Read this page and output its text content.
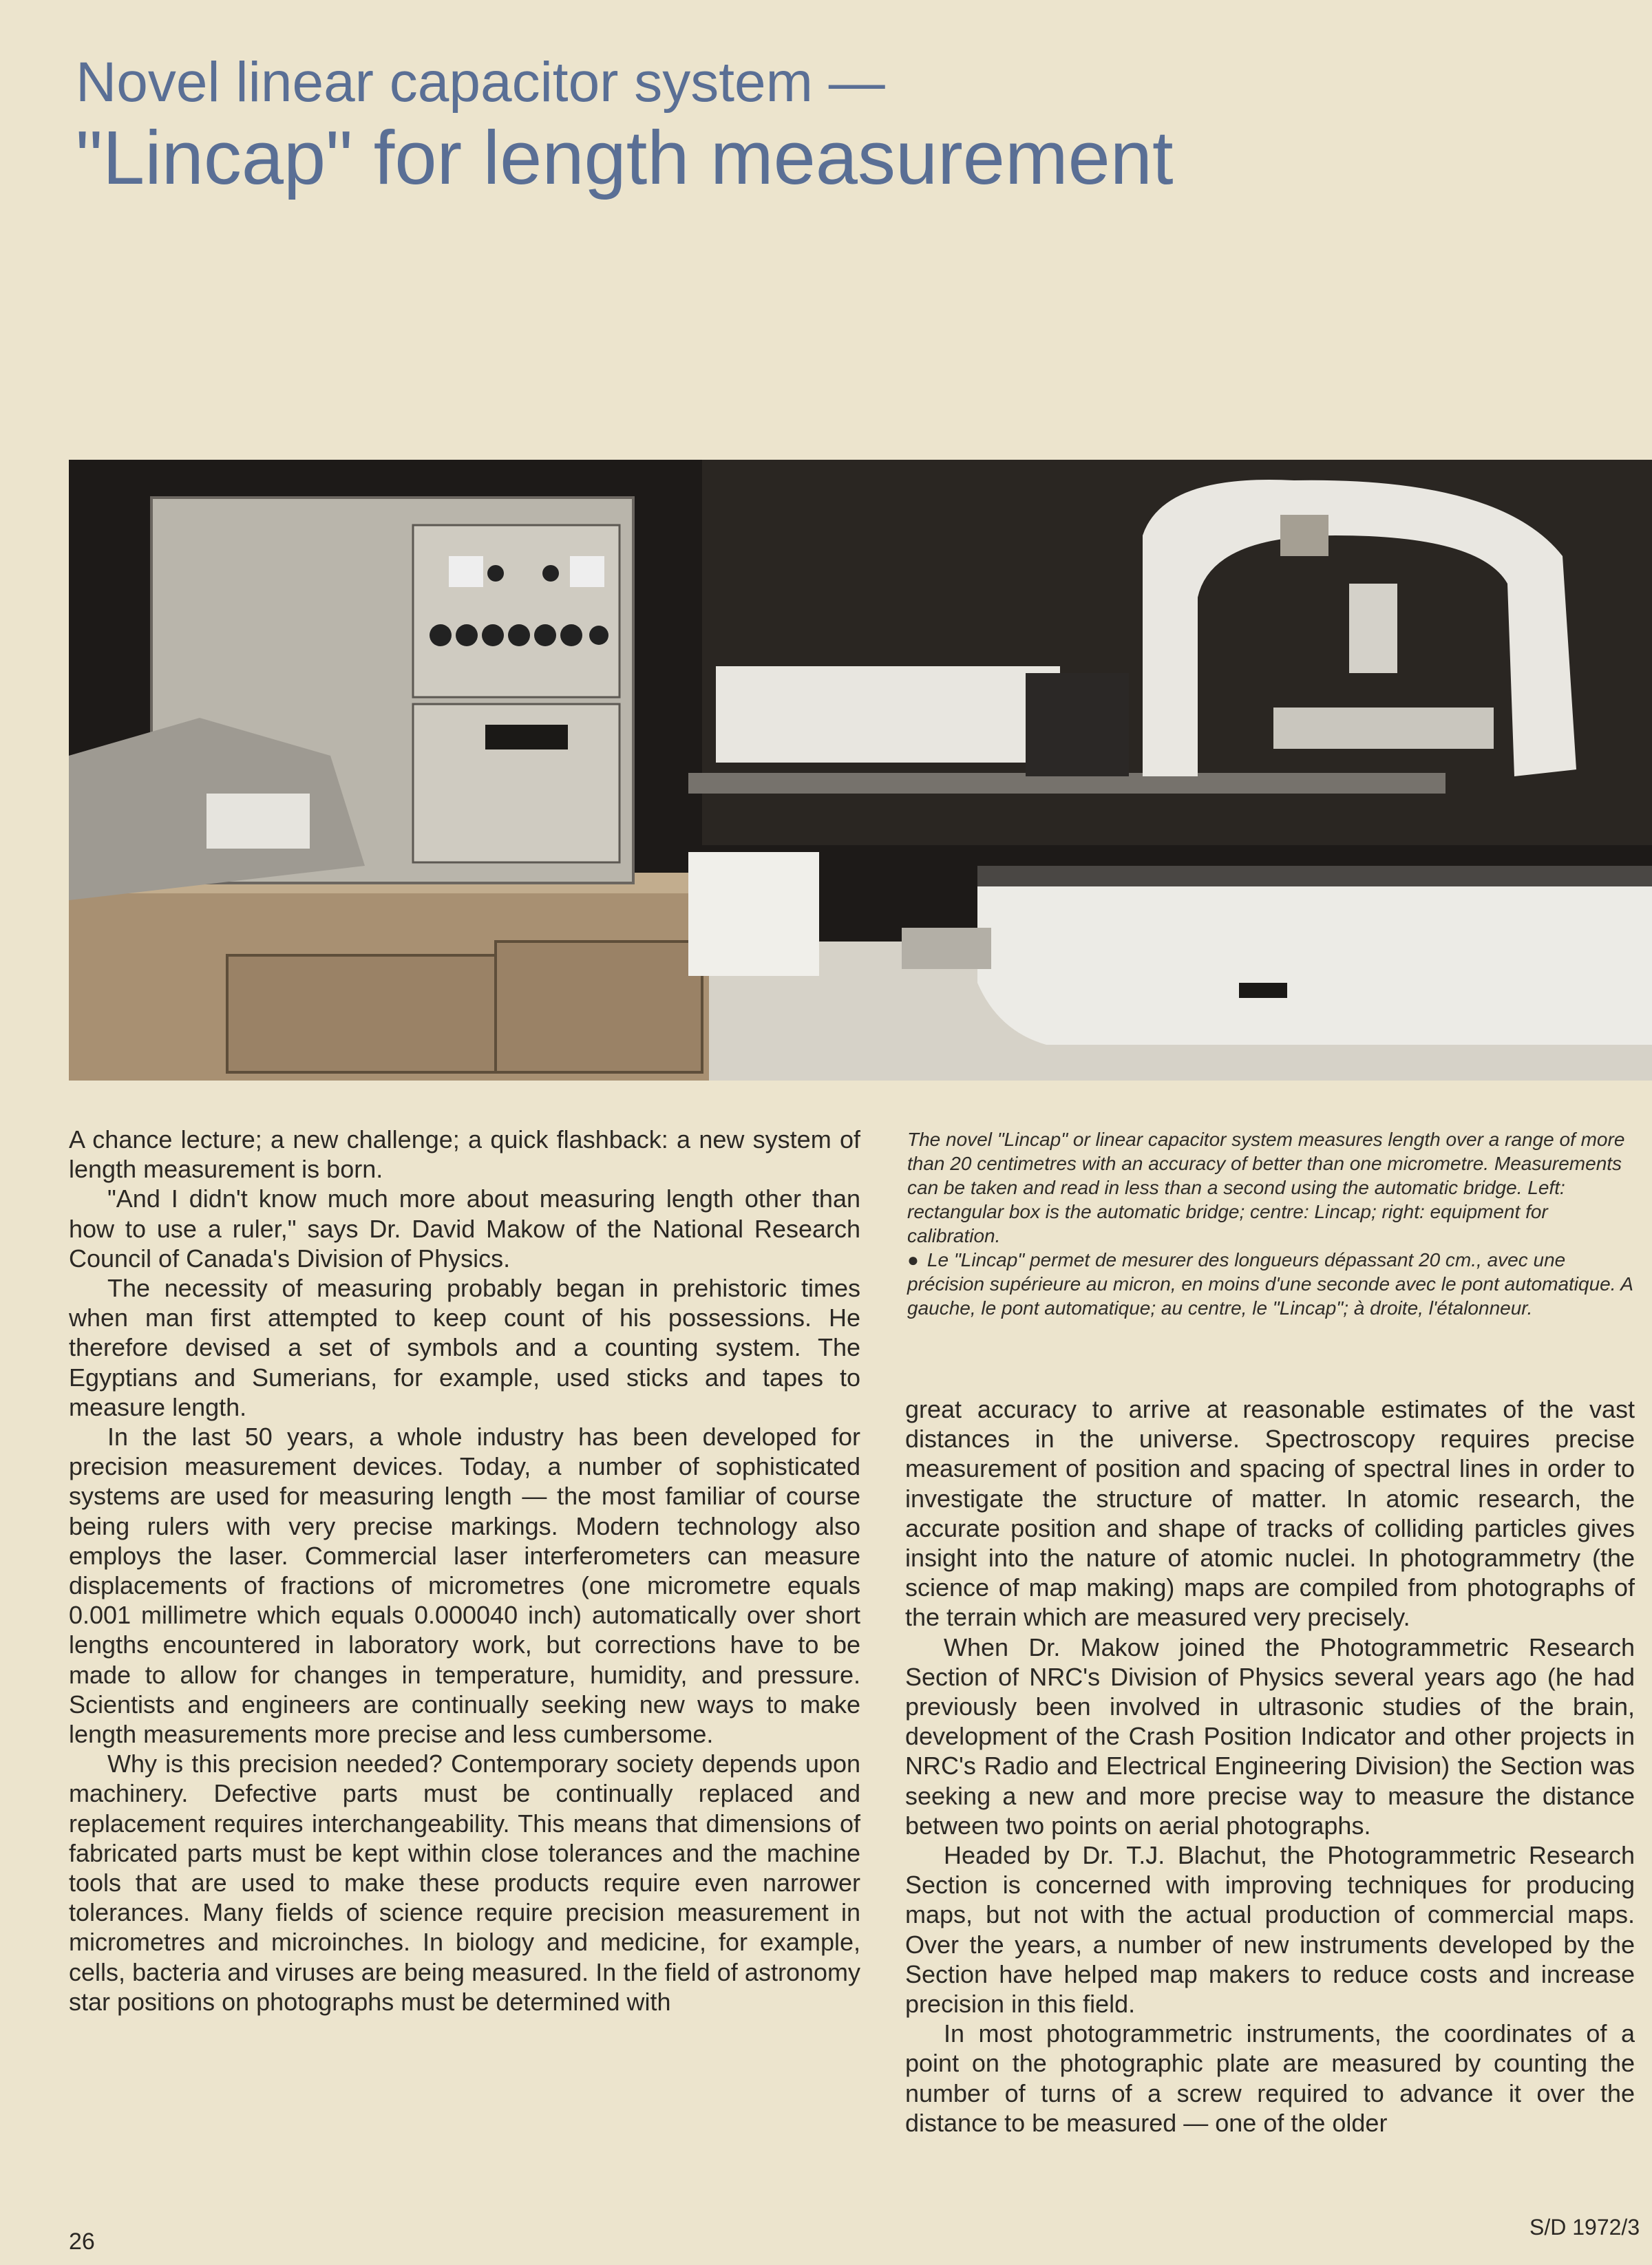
Novel linear capacitor system —
"Lincap" for length measurement

A chance lecture; a new challenge; a quick flashback: a new system of length measurement is born.

"And I didn't know much more about measuring length other than how to use a ruler," says Dr. David Makow of the National Research Council of Canada's Division of Physics.

The necessity of measuring probably began in prehistoric times when man first attempted to keep count of his possessions. He therefore devised a set of symbols and a counting system. The Egyptians and Sumerians, for example, used sticks and tapes to measure length.

In the last 50 years, a whole industry has been developed for precision measurement devices. Today, a number of sophisticated systems are used for measuring length — the most familiar of course being rulers with very precise markings. Modern technology also employs the laser. Commercial laser interferometers can measure displacements of fractions of micrometres (one micrometre equals 0.001 millimetre which equals 0.000040 inch) automatically over short lengths encountered in laboratory work, but corrections have to be made to allow for changes in temperature, humidity, and pressure. Scientists and engineers are continually seeking new ways to make length measurements more precise and less cumbersome.

Why is this precision needed? Contemporary society depends upon machinery. Defective parts must be continually replaced and replacement requires interchangeability. This means that dimensions of fabricated parts must be kept within close tolerances and the machine tools that are used to make these products require even narrower tolerances. Many fields of science require precision measurement in micrometres and microinches. In biology and medicine, for example, cells, bacteria and viruses are being measured. In the field of astronomy star positions on photographs must be determined with

The novel "Lincap" or linear capacitor system measures length over a range of more than 20 centimetres with an accuracy of better than one micrometre. Measurements can be taken and read in less than a second using the automatic bridge. Left: rectangular box is the automatic bridge; centre: Lincap; right: equipment for calibration.

● Le "Lincap" permet de mesurer des longueurs dépassant 20 cm., avec une précision supérieure au micron, en moins d'une seconde avec le pont automatique. A gauche, le pont automatique; au centre, le "Lincap"; à droite, l'étalonneur.

great accuracy to arrive at reasonable estimates of the vast distances in the universe. Spectroscopy requires precise measurement of position and spacing of spectral lines in order to investigate the structure of matter. In atomic research, the accurate position and shape of tracks of colliding particles gives insight into the nature of atomic nuclei. In photogrammetry (the science of map making) maps are compiled from photographs of the terrain which are measured very precisely.

When Dr. Makow joined the Photogrammetric Research Section of NRC's Division of Physics several years ago (he had previously been involved in ultrasonic studies of the brain, development of the Crash Position Indicator and other projects in NRC's Radio and Electrical Engineering Division) the Section was seeking a new and more precise way to measure the distance between two points on aerial photographs.

Headed by Dr. T.J. Blachut, the Photogrammetric Research Section is concerned with improving techniques for producing maps, but not with the actual production of commercial maps. Over the years, a number of new instruments developed by the Section have helped map makers to reduce costs and increase precision in this field.

In most photogrammetric instruments, the coordinates of a point on the photographic plate are measured by counting the number of turns of a screw required to advance it over the distance to be measured — one of the older

26
S/D 1972/3
